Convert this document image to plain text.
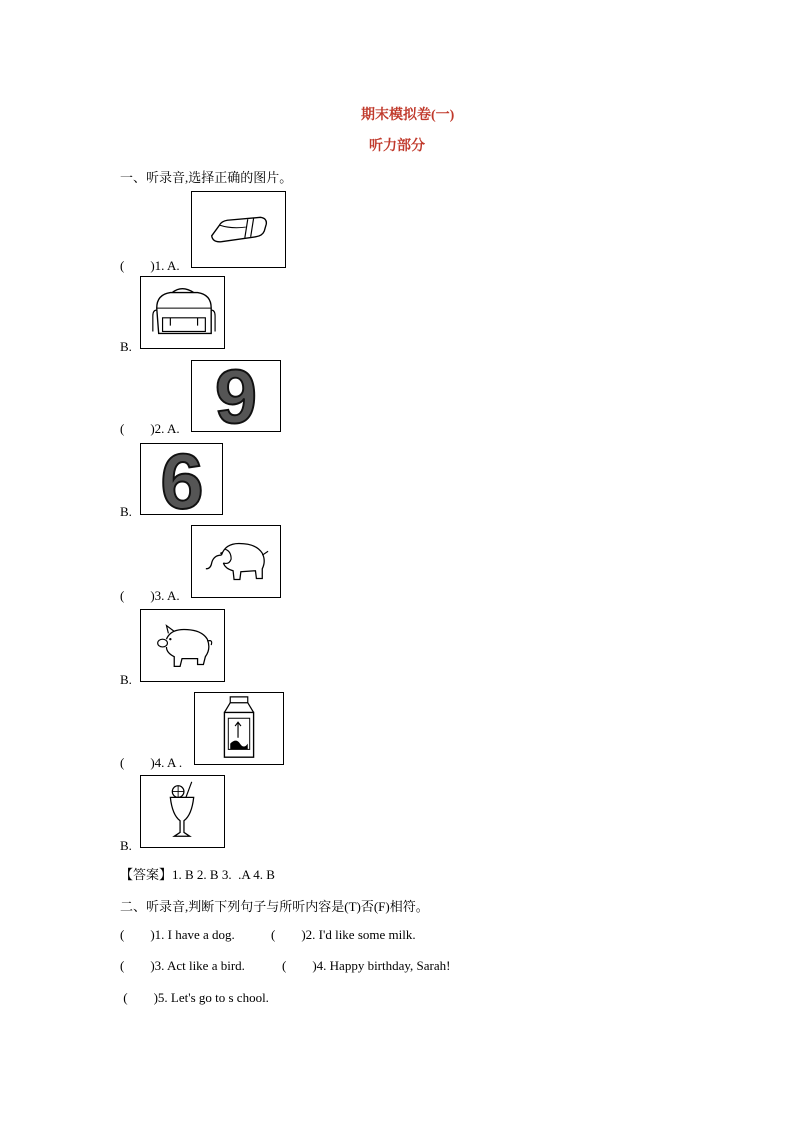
期末模拟卷(一)
听力部分
一、听录音,选择正确的图片。
(        )1. A.
B.
9
(        )2. A.
6
B.
(        )3. A.
B.
(        )4. A .
B.
【答案】1. B 2. B 3.  .A 4. B
二、听录音,判断下列句子与所听内容是(T)否(F)相符。
(        )1. I have a dog.	(        )2. I'd like some milk.
(        )3. Act like a bird.	(        )4. Happy birthday, Sarah!
(        )5. Let's go to s chool.
